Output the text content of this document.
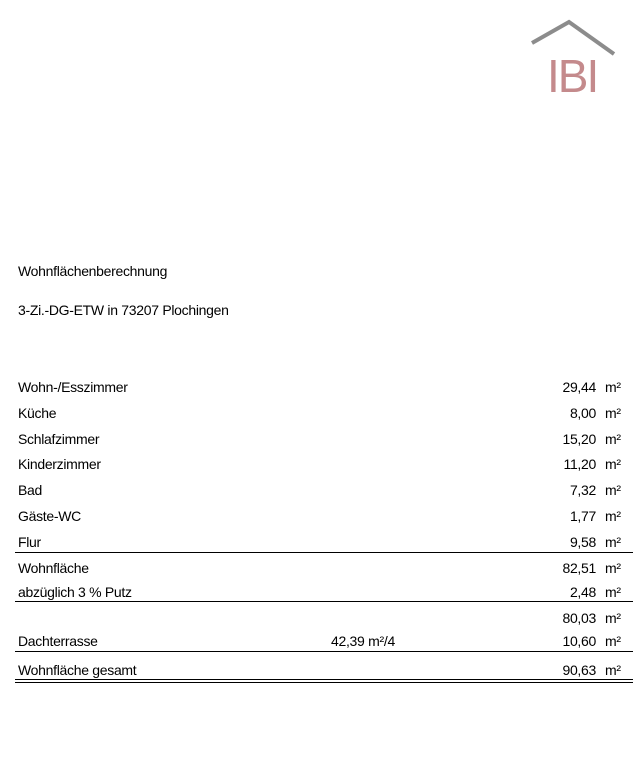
IBI
Wohnflächenberechnung
3-Zi.-DG-ETW in 73207 Plochingen
Wohn-/Esszimmer	29,44 m²
Küche	8,00 m²
Schlafzimmer	15,20 m²
Kinderzimmer	11,20 m²
Bad	7,32 m²
Gäste-WC	1,77 m²
Flur	9,58 m²
Wohnfläche	82,51 m²
abzüglich 3 % Putz	2,48 m²
80,03 m²
Dachterrasse	42,39 m²/4	10,60 m²
Wohnfläche gesamt	90,63 m²
